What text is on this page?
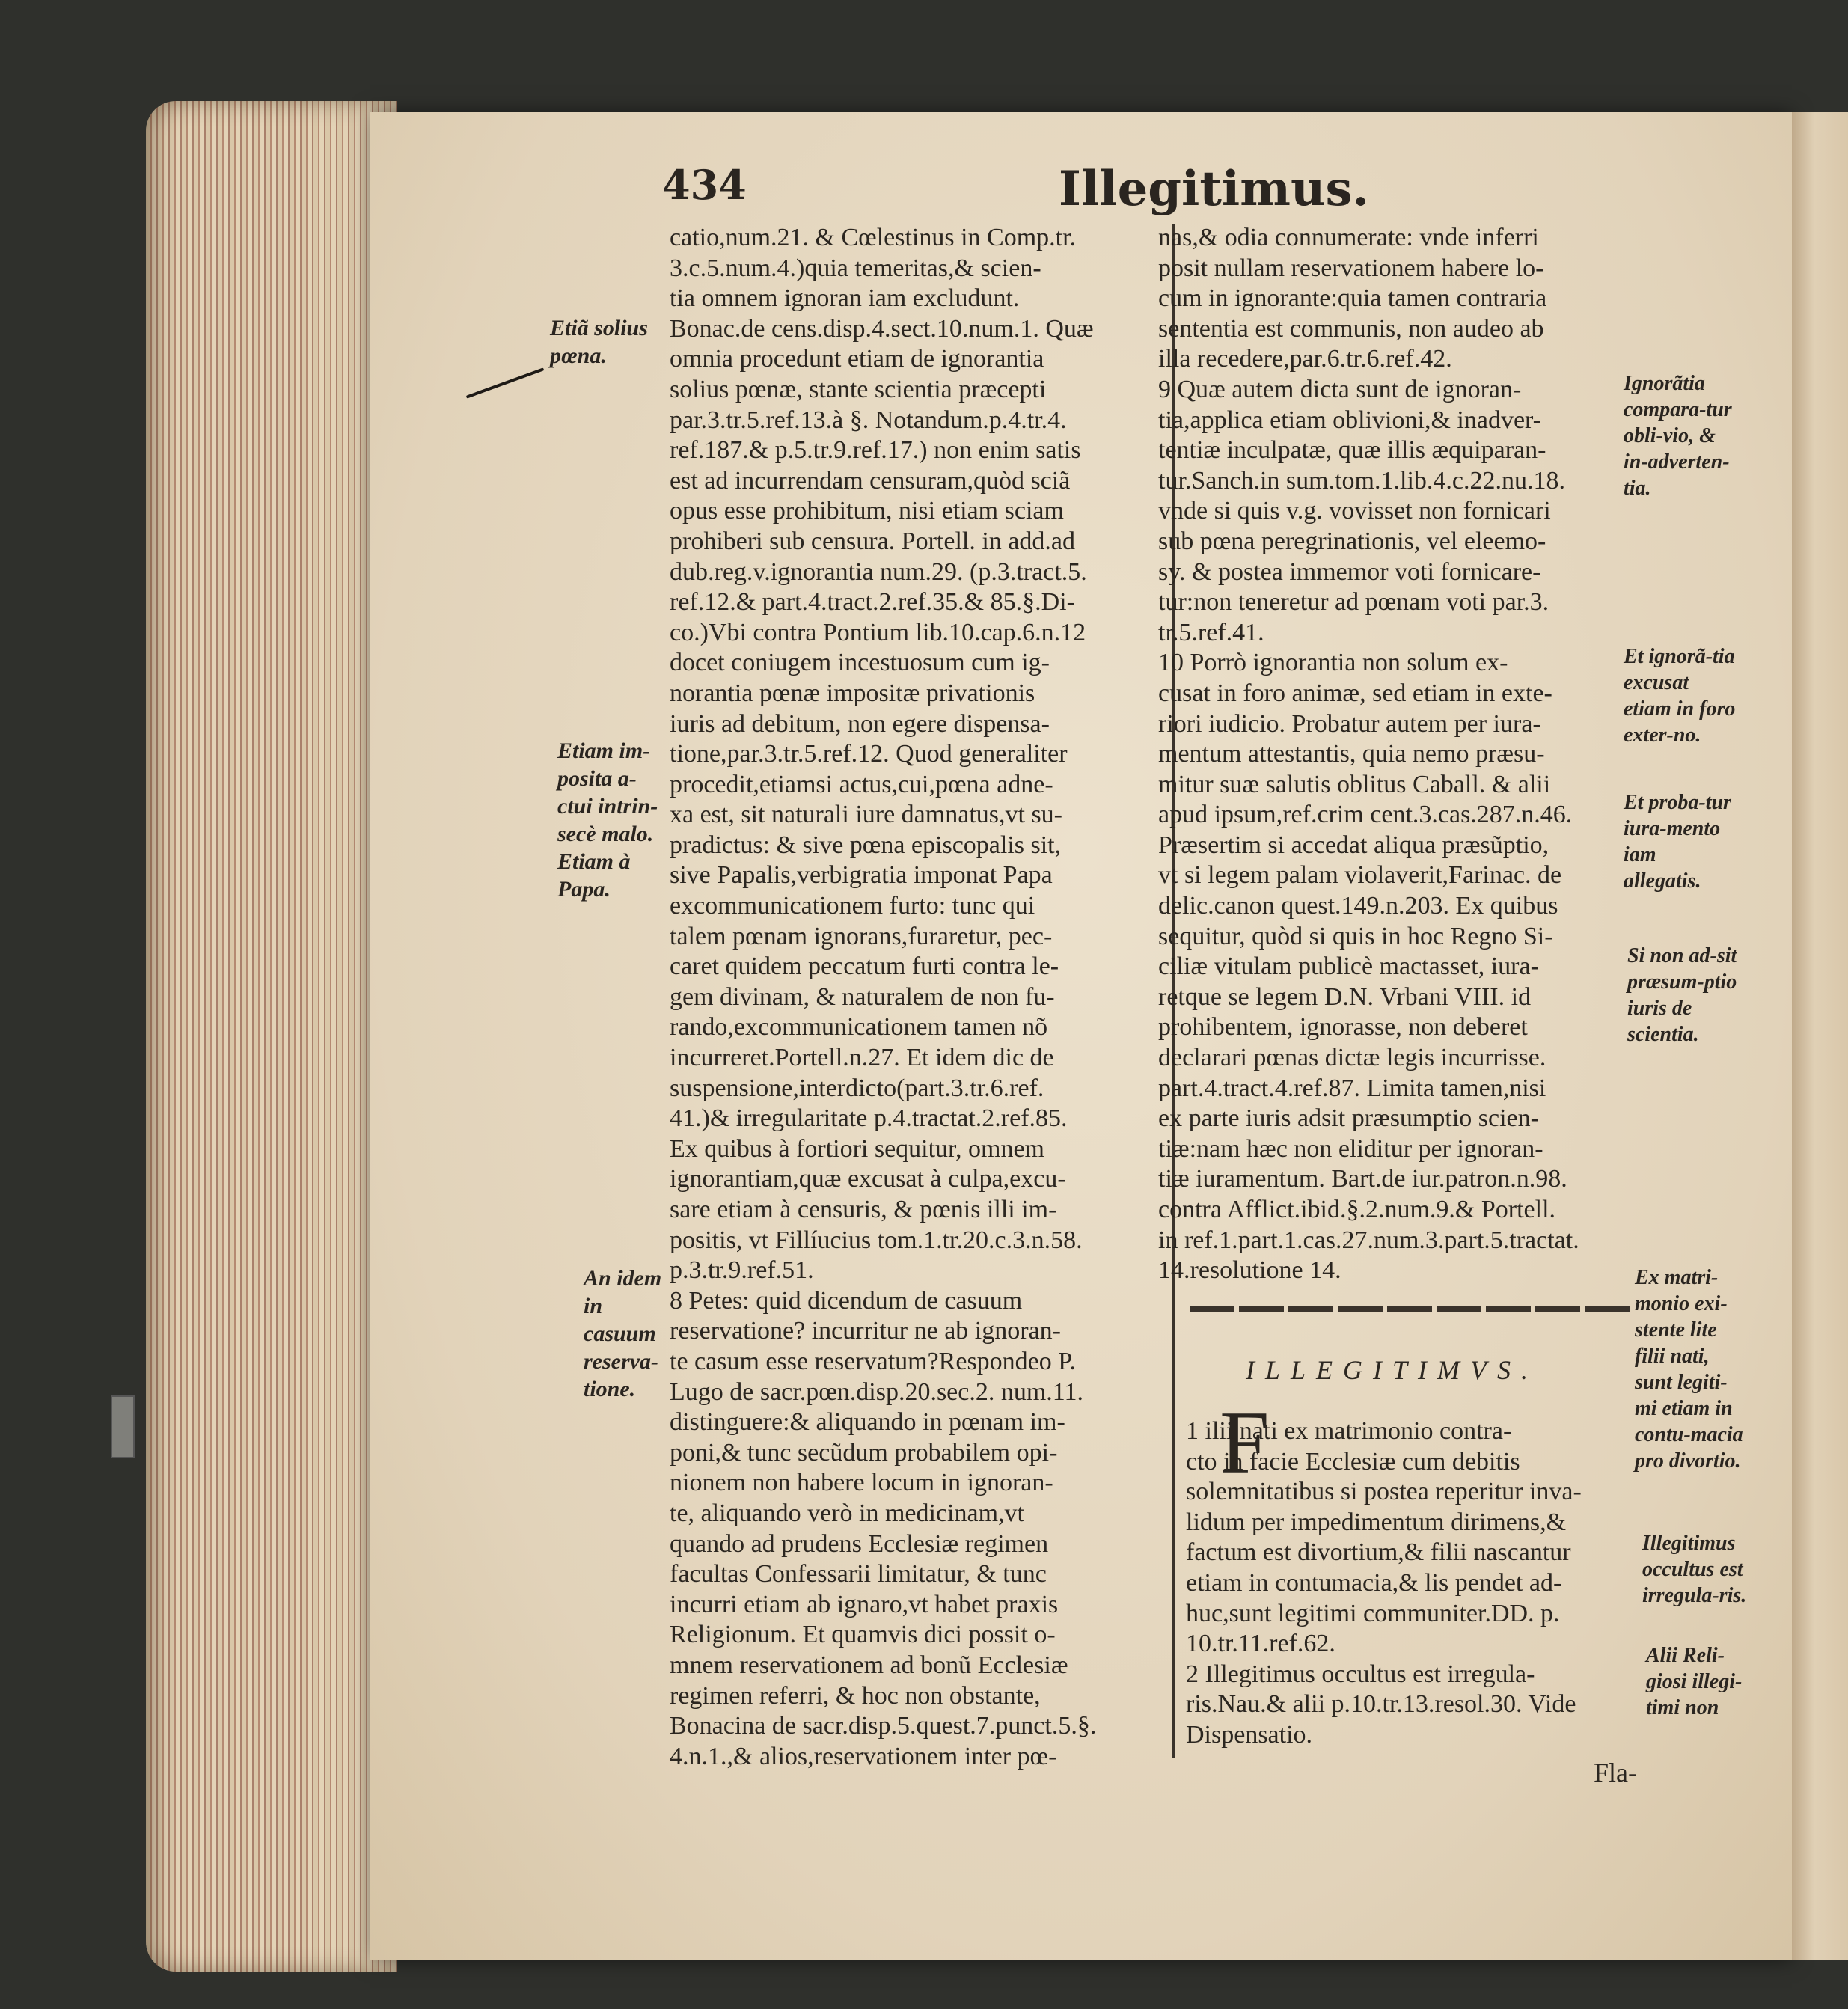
434	Illegitimus.
catio,num.21. & Cœlestinus in Comp.tr.
3.c.5.num.4.)quia temeritas,& scien-
tia omnem ignoran iam excludunt.
Bonac.de cens.disp.4.sect.10.num.1. Quæ
omnia procedunt etiam de ignorantia
solius pœnæ, stante scientia præcepti
par.3.tr.5.ref.13.à §. Notandum.p.4.tr.4.
ref.187.& p.5.tr.9.ref.17.) non enim satis
est ad incurrendam censuram,quòd sciã
opus esse prohibitum, nisi etiam sciam
prohiberi sub censura. Portell. in add.ad
dub.reg.v.ignorantia num.29. (p.3.tract.5.
ref.12.& part.4.tract.2.ref.35.& 85.§.Di-
co.)Vbi contra Pontium lib.10.cap.6.n.12
docet coniugem incestuosum cum ig-
norantia pœnæ impositæ privationis
iuris ad debitum, non egere dispensa-
tione,par.3.tr.5.ref.12. Quod generaliter
procedit,etiamsi actus,cui,pœna adne-
xa est, sit naturali iure damnatus,vt su-
pradictus: & sive pœna episcopalis sit,
sive Papalis,verbigratia imponat Papa
excommunicationem furto: tunc qui
talem pœnam ignorans,furaretur, pec-
caret quidem peccatum furti contra le-
gem divinam, & naturalem de non fu-
rando,excommunicationem tamen nõ
incurreret.Portell.n.27. Et idem dic de
suspensione,interdicto(part.3.tr.6.ref.
41.)& irregularitate p.4.tractat.2.ref.85.
Ex quibus à fortiori sequitur, omnem
ignorantiam,quæ excusat à culpa,excu-
sare etiam à censuris, & pœnis illi im-
positis, vt Fillíucius tom.1.tr.20.c.3.n.58.
p.3.tr.9.ref.51.
8 Petes: quid dicendum de casuum
reservatione? incurritur ne ab ignoran-
te casum esse reservatum?Respondeo P.
Lugo de sacr.pœn.disp.20.sec.2. num.11.
distinguere:& aliquando in pœnam im-
poni,& tunc secũdum probabilem opi-
nionem non habere locum in ignoran-
te, aliquando verò in medicinam,vt
quando ad prudens Ecclesiæ regimen
facultas Confessarii limitatur, & tunc
incurri etiam ab ignaro,vt habet praxis
Religionum. Et quamvis dici possit o-
mnem reservationem ad bonũ Ecclesiæ
regimen referri, & hoc non obstante,
Bonacina de sacr.disp.5.quest.7.punct.5.§.
4.n.1.,& alios,reservationem inter pœ-
nas,& odia connumerate: vnde inferri
posit nullam reservationem habere lo-
cum in ignorante:quia tamen contraria
sententia est communis, non audeo ab
illa recedere,par.6.tr.6.ref.42.
9 Quæ autem dicta sunt de ignoran-
tia,applica etiam oblivioni,& inadver-
tentiæ inculpatæ, quæ illis æquiparan-
tur.Sanch.in sum.tom.1.lib.4.c.22.nu.18.
vnde si quis v.g. vovisset non fornicari
sub pœna peregrinationis, vel eleemo-
sy. & postea immemor voti fornicare-
tur:non teneretur ad pœnam voti par.3.
tr.5.ref.41.
10 Porrò ignorantia non solum ex-
cusat in foro animæ, sed etiam in exte-
riori iudicio. Probatur autem per iura-
mentum attestantis, quia nemo præsu-
mitur suæ salutis oblitus Caball. & alii
apud ipsum,ref.crim cent.3.cas.287.n.46.
Præsertim si accedat aliqua præsũptio,
vt si legem palam violaverit,Farinac. de
delic.canon quest.149.n.203. Ex quibus
sequitur, quòd si quis in hoc Regno Si-
ciliæ vitulam publicè mactasset, iura-
retque se legem D.N. Vrbani VIII. id
prohibentem, ignorasse, non deberet
declarari pœnas dictæ legis incurrisse.
part.4.tract.4.ref.87. Limita tamen,nisi
ex parte iuris adsit præsumptio scien-
tiæ:nam hæc non eliditur per ignoran-
tiæ iuramentum. Bart.de iur.patron.n.98.
contra Afflict.ibid.§.2.num.9.& Portell.
in ref.1.part.1.cas.27.num.3.part.5.tractat.
14.resolutione 14.
ILLEGITIMVS.
F
1 ilii nati ex matrimonio contra-
cto in facie Ecclesiæ cum debitis
solemnitatibus si postea reperitur inva-
lidum per impedimentum dirimens,&
factum est divortium,& filii nascantur
etiam in contumacia,& lis pendet ad-
huc,sunt legitimi communiter.DD. p.
10.tr.11.ref.62.
2 Illegitimus occultus est irregula-
ris.Nau.& alii p.10.tr.13.resol.30. Vide
Dispensatio.
Fla-
Etiã solius pœna.
Etiam im-posita a-ctui intrin-secè malo. Etiam à Papa.
An idem in casuum reserva-tione.
Ignorãtia compara-tur obli-vio, & in-adverten-tia.
Et ignorã-tia excusat etiam in foro exter-no.
Et proba-tur iura-mento iam allegatis.
Si non ad-sit præsum-ptio iuris de scientia.
Ex matri-monio exi-stente lite filii nati, sunt legiti-mi etiam in contu-macia pro divortio.
Illegitimus occultus est irregula-ris.
Alii Reli-giosi illegi-timi non
